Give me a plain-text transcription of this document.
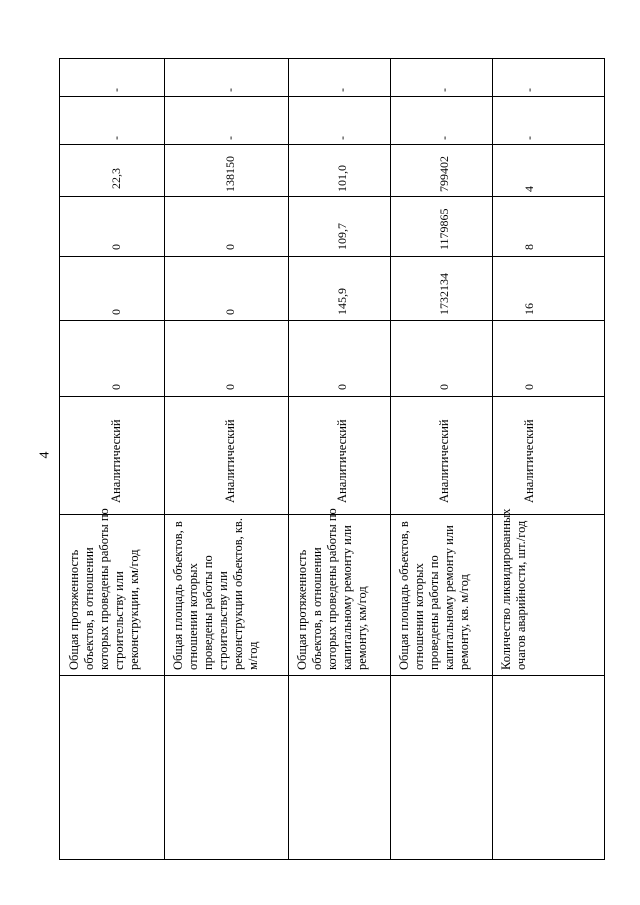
4
Общая протяженность объектов, в отношении которых проведены работы по строительству или реконструкции, км/год
Аналитический
0
0
0
22,3
-
-
Общая площадь объектов, в отношении которых проведены работы по строительству или реконструкции объектов, кв. м/год
Аналитический
0
0
0
138150
-
-
Общая протяженность объектов, в отношении которых проведены работы по капитальному ремонту или ремонту, км/год
Аналитический
0
145,9
109,7
101,0
-
-
Общая площадь объектов, в отношении которых проведены работы по капитальному ремонту или ремонту, кв. м/год
Аналитический
0
1732134
1179865
799402
-
-
Количество ликвидированных очагов аварийности, шт./год
Аналитический
0
16
8
4
-
-
